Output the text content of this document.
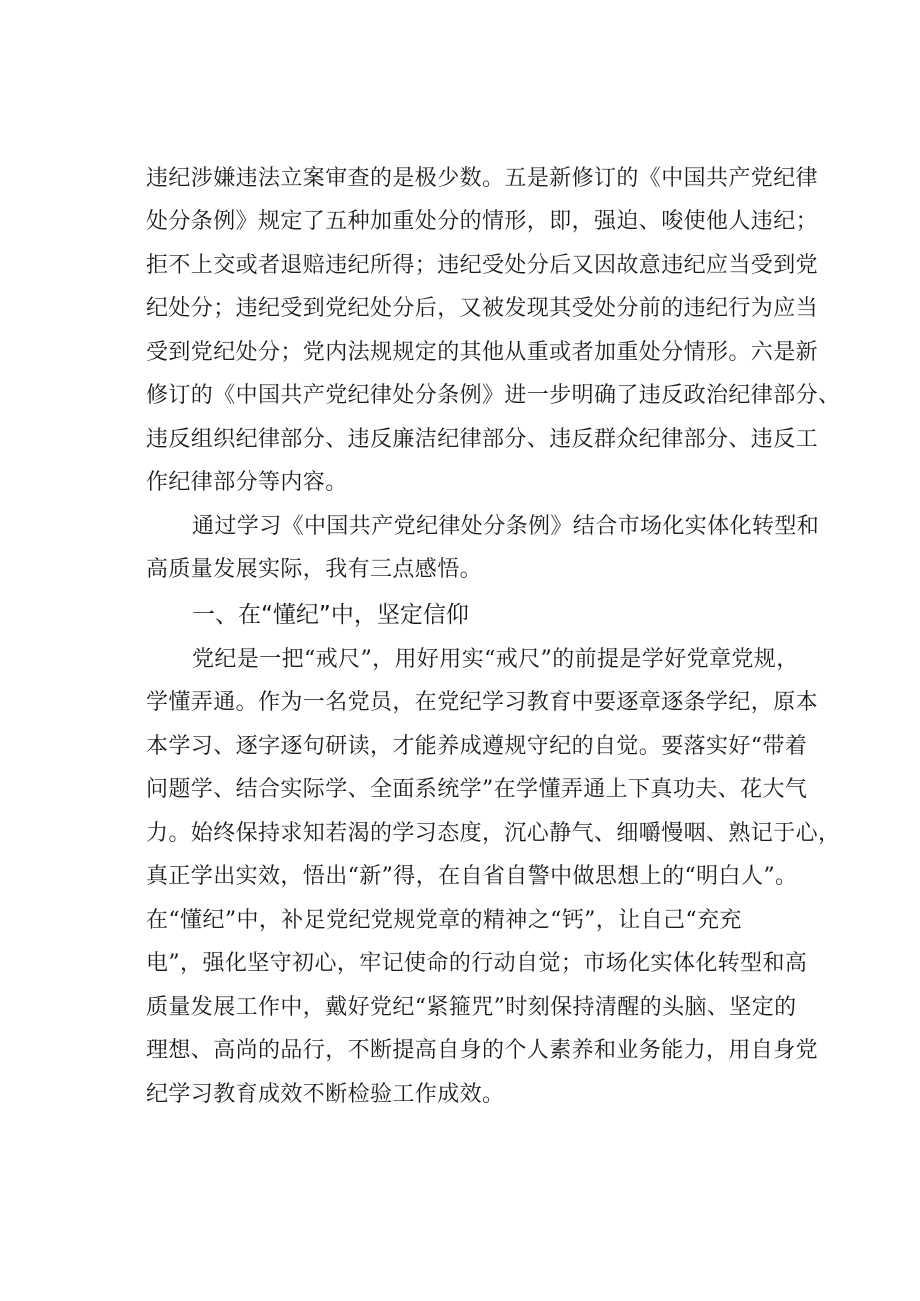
违纪涉嫌违法立案审查的是极少数。五是新修订的《中国共产党纪律

处分条例》规定了五种加重处分的情形，即，强迫、唆使他人违纪；

拒不上交或者退赔违纪所得；违纪受处分后又因故意违纪应当受到党

纪处分；违纪受到党纪处分后，又被发现其受处分前的违纪行为应当

受到党纪处分；党内法规规定的其他从重或者加重处分情形。六是新

修订的《中国共产党纪律处分条例》进一步明确了违反政治纪律部分、

违反组织纪律部分、违反廉洁纪律部分、违反群众纪律部分、违反工

作纪律部分等内容。

通过学习《中国共产党纪律处分条例》结合市场化实体化转型和

高质量发展实际，我有三点感悟。

一、在“懂纪”中，坚定信仰

党纪是一把“戒尺”，用好用实“戒尺”的前提是学好党章党规，

学懂弄通。作为一名党员，在党纪学习教育中要逐章逐条学纪，原本

本学习、逐字逐句研读，才能养成遵规守纪的自觉。要落实好“带着

问题学、结合实际学、全面系统学”在学懂弄通上下真功夫、花大气

力。始终保持求知若渴的学习态度，沉心静气、细嚼慢咽、熟记于心，

真正学出实效，悟出“新”得，在自省自警中做思想上的“明白人”。

在“懂纪”中，补足党纪党规党章的精神之“钙”，让自己“充充

电”，强化坚守初心，牢记使命的行动自觉；市场化实体化转型和高

质量发展工作中，戴好党纪“紧箍咒”时刻保持清醒的头脑、坚定的

理想、高尚的品行，不断提高自身的个人素养和业务能力，用自身党

纪学习教育成效不断检验工作成效。
